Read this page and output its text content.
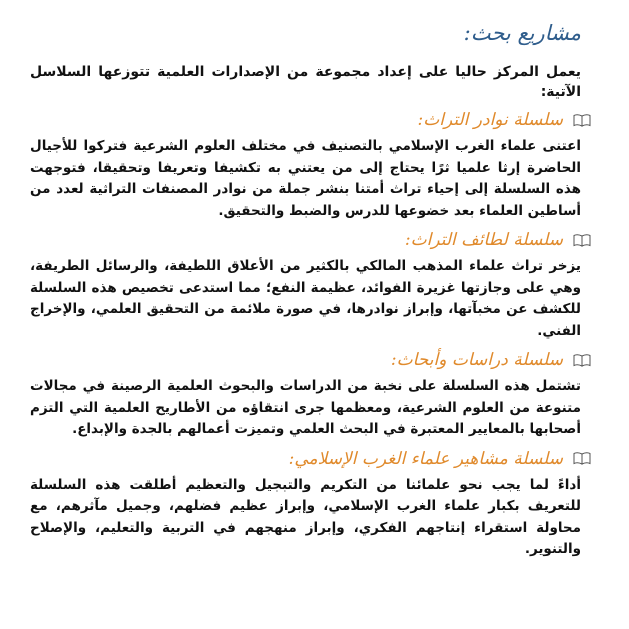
مشاريع بحث:
يعمل المركز حاليا على إعداد مجموعة من الإصدارات العلمية تتوزعها السلاسل الآتية:
سلسلة نوادر التراث:
اعتنى علماء الغرب الإسلامي بالتصنيف في مختلف العلوم الشرعية فتركوا للأجيال الحاضرة إرثا علميا ثرًا يحتاج إلى من يعتني به تكشيفا وتعريفا وتحقيقا، فتوجهت هذه السلسلة إلى إحياء تراث أمتنا بنشر جملة من نوادر المصنفات التراثية لعدد من أساطين العلماء بعد خضوعها للدرس والضبط والتحقيق.
سلسلة لطائف التراث:
يزخر تراث علماء المذهب المالكي بالكثير من الأعلاق اللطيفة، والرسائل الطريفة، وهي على وجازتها غزيرة الفوائد، عظيمة النفع؛ مما استدعى تخصيص هذه السلسلة للكشف عن مخبآتها، وإبراز نوادرها، في صورة ملائمة من التحقيق العلمي، والإخراج الفني.
سلسلة دراسات وأبحاث:
تشتمل هذه السلسلة على نخبة من الدراسات والبحوث العلمية الرصينة في مجالات متنوعة من العلوم الشرعية، ومعظمها جرى انتقاؤه من الأطاريح العلمية التي التزم أصحابها بالمعايير المعتبرة في البحث العلمي وتميزت أعمالهم بالجدة والإبداع.
سلسلة مشاهير علماء الغرب الإسلامي:
أداءً لما يجب نحو علمائنا من التكريم والتبجيل والتعظيم أطلقت هذه السلسلة للتعريف بكبار علماء الغرب الإسلامي، وإبراز عظيم فضلهم، وجميل مآثرهم، مع محاولة استقراء إنتاجهم الفكري، وإبراز منهجهم في التربية والتعليم، والإصلاح والتنوير.
